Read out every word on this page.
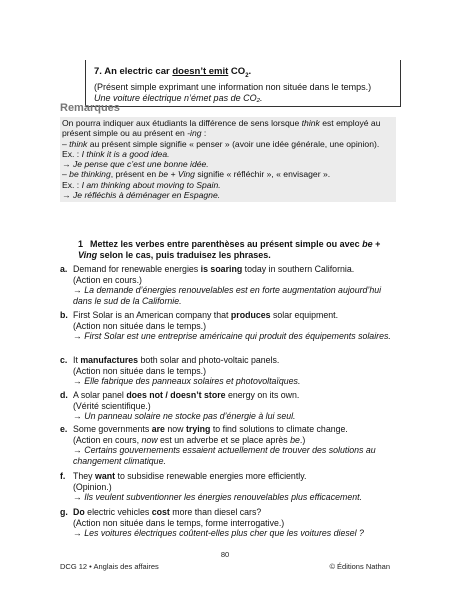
7. An electric car doesn’t emit $CO_2$.
(Présent simple exprimant une information non située dans le temps.)
Une voiture électrique n’émet pas de CO₂.
Remarques

On pourra indiquer aux étudiants la différence de sens lorsque think est employé au présent simple ou au présent en -ing :

– think au présent simple signifie « penser » (avoir une idée générale, une opinion).

Ex. : I think it is a good idea.

→ Je pense que c’est une bonne idée.

– be thinking, présent en be + Ving signifie « réfléchir », « envisager ».

Ex. : I am thinking about moving to Spain.

→ Je réfléchis à déménager en Espagne.

1 Mettez les verbes entre parenthèses au présent simple ou avec be + Ving selon le cas, puis traduisez les phrases.
a. Demand for renewable energies is soaring today in southern California.

(Action en cours.)

→ La demande d’énergies renouvelables est en forte augmentation aujourd’hui dans le sud de la Californie.

b. First Solar is an American company that produces solar equipment.

(Action non située dans le temps.)

→ First Solar est une entreprise américaine qui produit des équipements solaires.

c. It manufactures both solar and photo-voltaic panels.

(Action non située dans le temps.)

→ Elle fabrique des panneaux solaires et photovoltaïques.

d. A solar panel does not / doesn’t store energy on its own.

(Vérité scientifique.)

→ Un panneau solaire ne stocke pas d’énergie à lui seul.

e. Some governments are now trying to find solutions to climate change.

(Action en cours, now est un adverbe et se place après be.)

→ Certains gouvernements essaient actuellement de trouver des solutions au changement climatique.

f. They want to subsidise renewable energies more efficiently.

(Opinion.)

→ Ils veulent subventionner les énergies renouvelables plus efficacement.

g. Do electric vehicles cost more than diesel cars?

(Action non située dans le temps, forme interrogative.)

→ Les voitures électriques coûtent-elles plus cher que les voitures diesel ?

80
DCG 12 • Anglais des affaires	© Éditions Nathan
